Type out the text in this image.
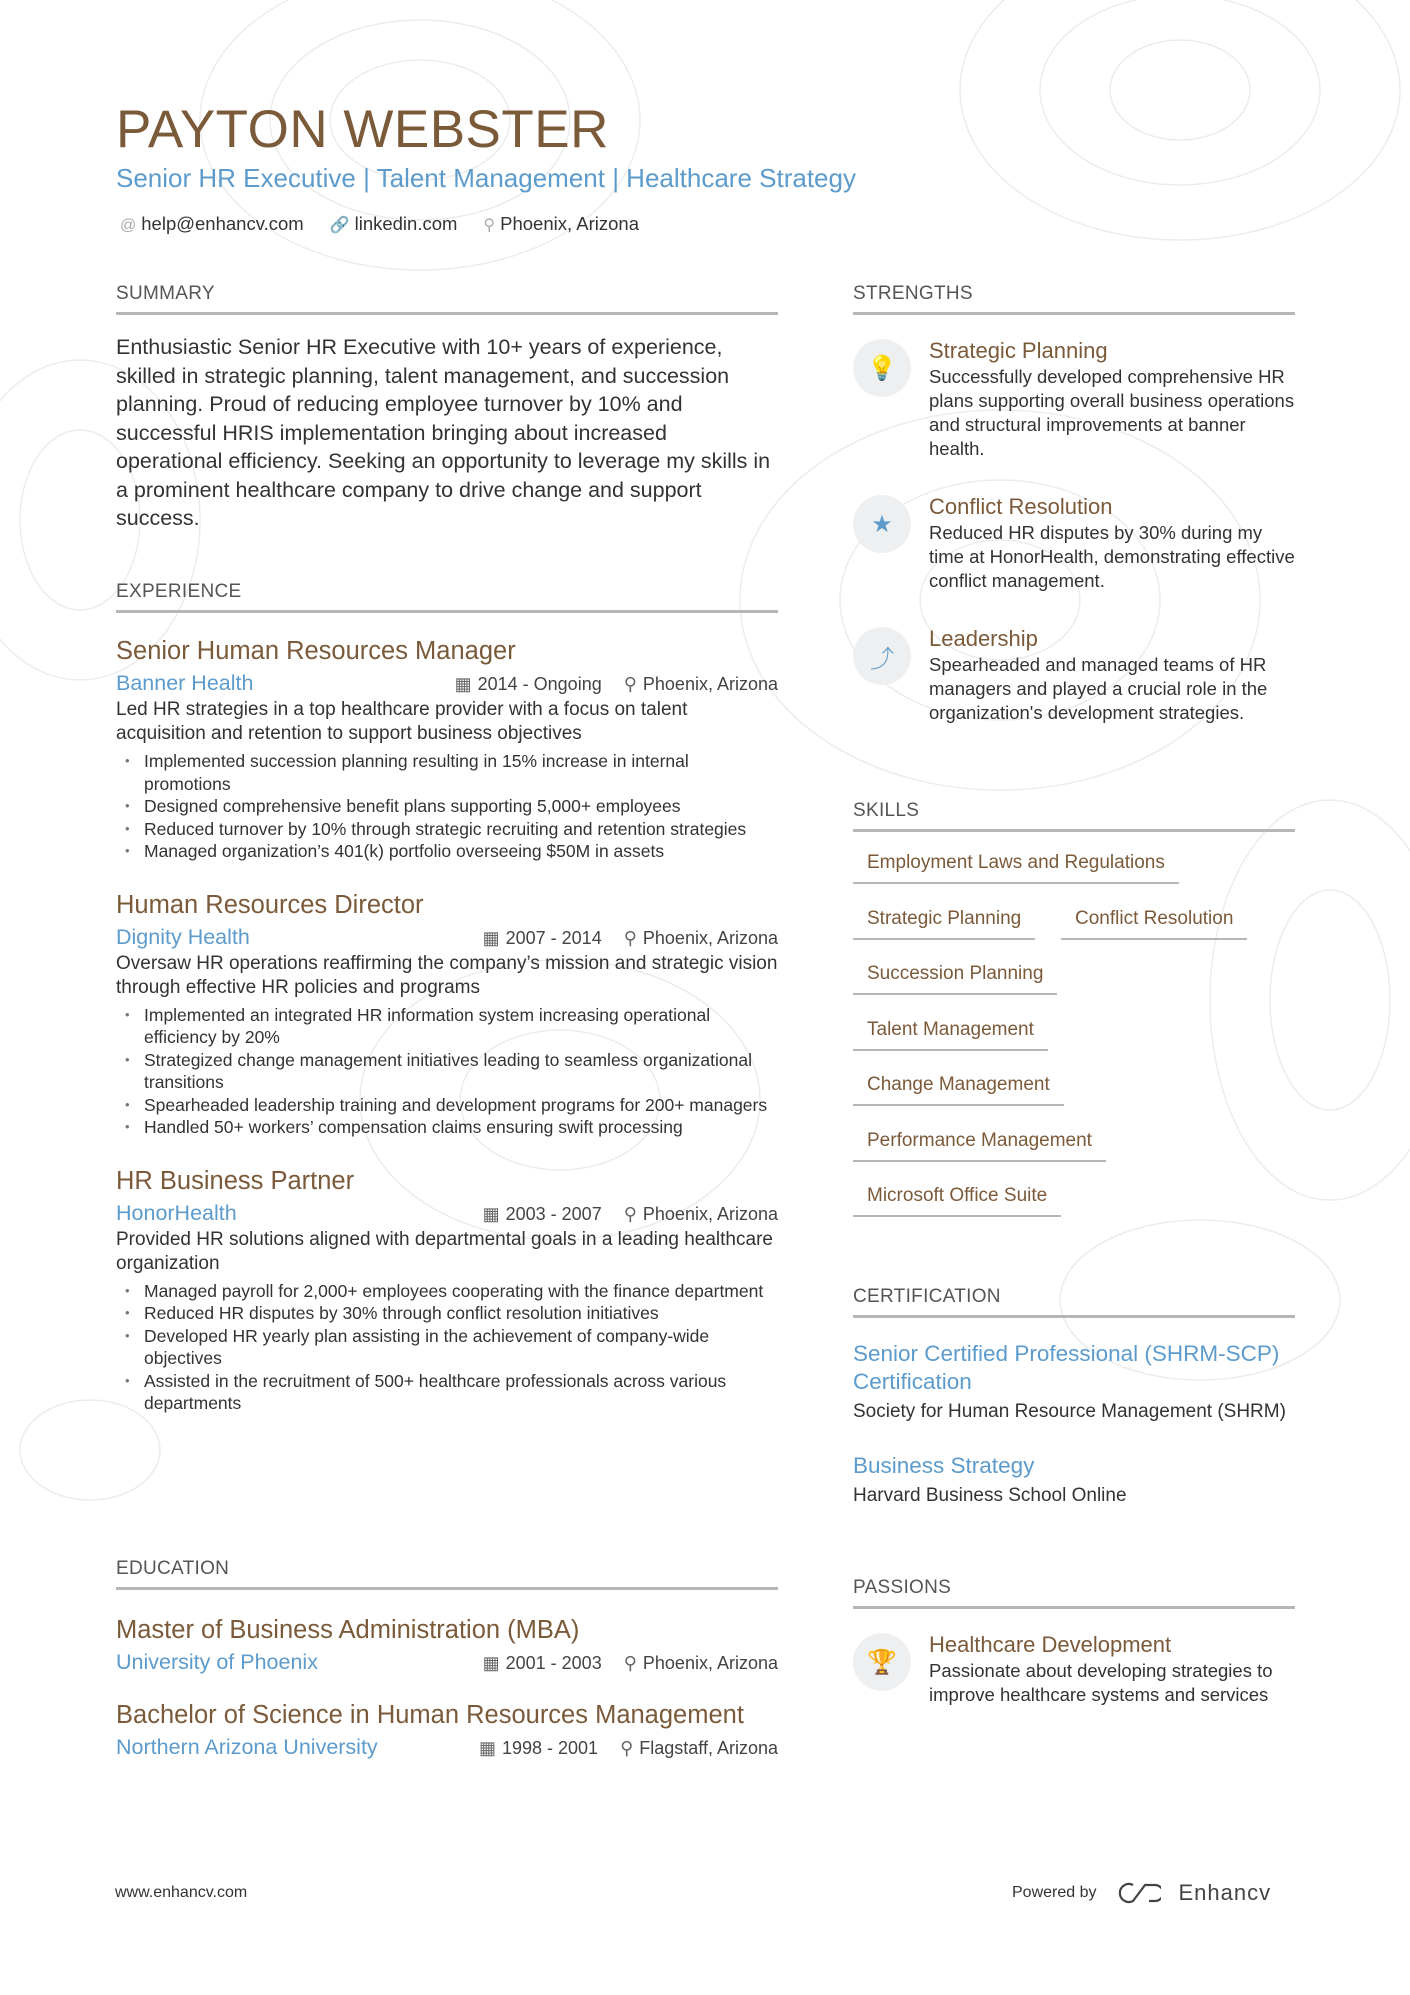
PAYTON WEBSTER
Senior HR Executive | Talent Management | Healthcare Strategy
@ help@enhancv.com 🔗 linkedin.com ⚲ Phoenix, Arizona
SUMMARY
Enthusiastic Senior HR Executive with 10+ years of experience, skilled in strategic planning, talent management, and succession planning. Proud of reducing employee turnover by 10% and successful HRIS implementation bringing about increased operational efficiency. Seeking an opportunity to leverage my skills in a prominent healthcare company to drive change and support success.
EXPERIENCE
Senior Human Resources Manager
Banner Health	▦ 2014 - Ongoing ⚲ Phoenix, Arizona
Led HR strategies in a top healthcare provider with a focus on talent acquisition and retention to support business objectives
• Implemented succession planning resulting in 15% increase in internal promotions
• Designed comprehensive benefit plans supporting 5,000+ employees
• Reduced turnover by 10% through strategic recruiting and retention strategies
• Managed organization’s 401(k) portfolio overseeing $50M in assets
Human Resources Director
Dignity Health	▦ 2007 - 2014 ⚲ Phoenix, Arizona
Oversaw HR operations reaffirming the company’s mission and strategic vision through effective HR policies and programs
• Implemented an integrated HR information system increasing operational efficiency by 20%
• Strategized change management initiatives leading to seamless organizational transitions
• Spearheaded leadership training and development programs for 200+ managers
• Handled 50+ workers’ compensation claims ensuring swift processing
HR Business Partner
HonorHealth	▦ 2003 - 2007 ⚲ Phoenix, Arizona
Provided HR solutions aligned with departmental goals in a leading healthcare organization
• Managed payroll for 2,000+ employees cooperating with the finance department
• Reduced HR disputes by 30% through conflict resolution initiatives
• Developed HR yearly plan assisting in the achievement of company-wide objectives
• Assisted in the recruitment of 500+ healthcare professionals across various departments
EDUCATION
Master of Business Administration (MBA)
University of Phoenix	▦ 2001 - 2003 ⚲ Phoenix, Arizona
Bachelor of Science in Human Resources Management
Northern Arizona University	▦ 1998 - 2001 ⚲ Flagstaff, Arizona
STRENGTHS
💡
Strategic Planning
Successfully developed comprehensive HR plans supporting overall business operations and structural improvements at banner health.
★
Conflict Resolution
Reduced HR disputes by 30% during my time at HonorHealth, demonstrating effective conflict management.
⤴
Leadership
Spearheaded and managed teams of HR managers and played a crucial role in the organization's development strategies.
SKILLS
Employment Laws and Regulations
Strategic Planning	Conflict Resolution
Succession Planning
Talent Management
Change Management
Performance Management
Microsoft Office Suite
CERTIFICATION
Senior Certified Professional (SHRM-SCP) Certification
Society for Human Resource Management (SHRM)
Business Strategy
Harvard Business School Online
PASSIONS
🏆
Healthcare Development
Passionate about developing strategies to improve healthcare systems and services
www.enhancv.com	Powered by	Enhancv
